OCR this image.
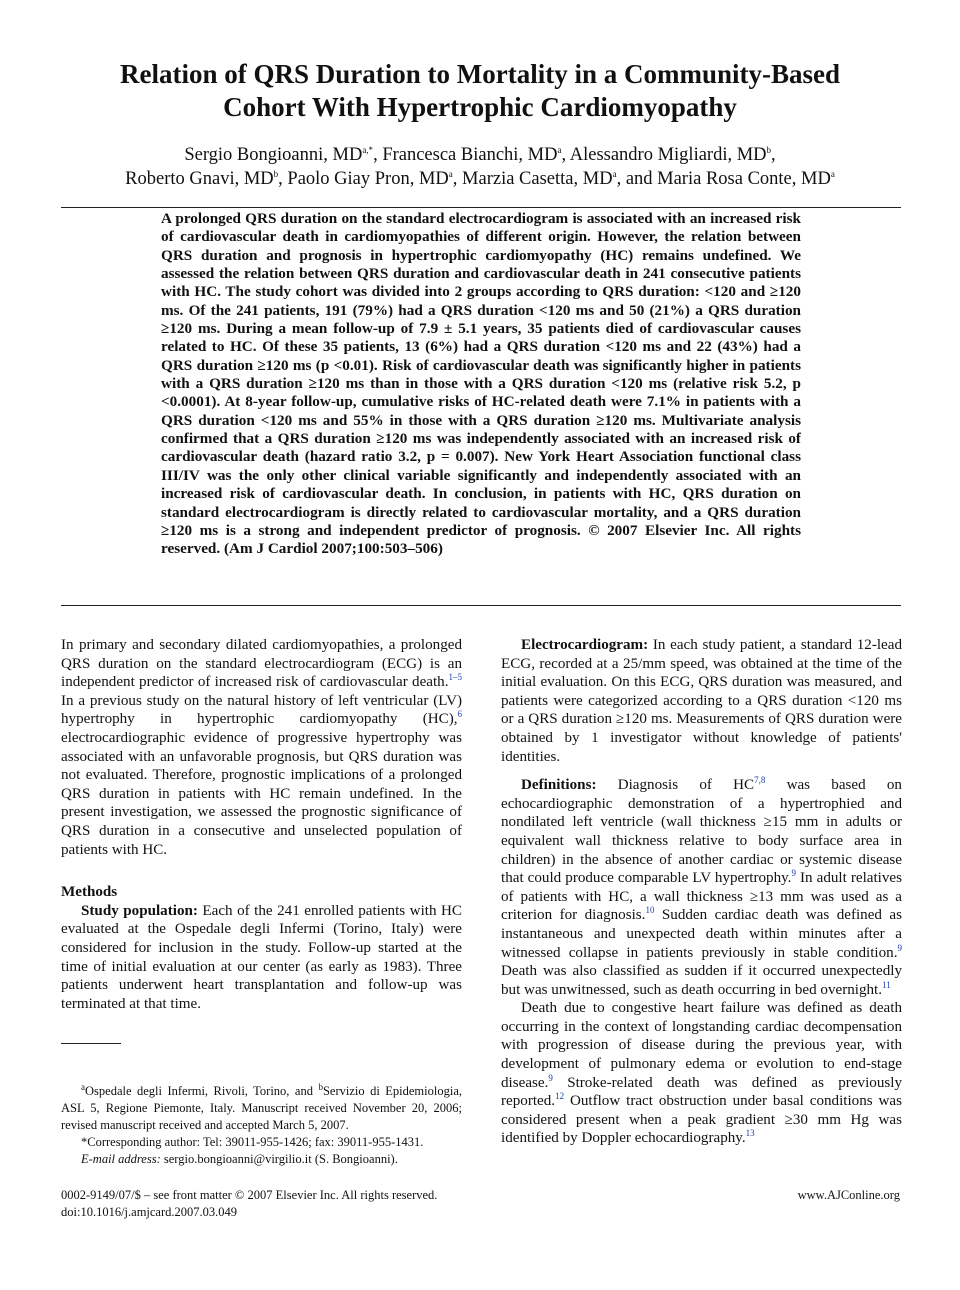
Relation of QRS Duration to Mortality in a Community-Based
Cohort With Hypertrophic Cardiomyopathy
Sergio Bongioanni, $MD^{a,*}$, Francesca Bianchi, $MD^a$, Alessandro Migliardi, $MD^b$,
Roberto Gnavi, $MD^b$, Paolo Giay Pron, $MD^a$, Marzia Casetta, $MD^a$, and Maria Rosa Conte, $MD^a$

A prolonged QRS duration on the standard electrocardiogram is associated with an increased risk of cardiovascular death in cardiomyopathies of different origin. However, the relation between QRS duration and prognosis in hypertrophic cardiomyopathy (HC) remains undefined. We assessed the relation between QRS duration and cardiovascular death in 241 consecutive patients with HC. The study cohort was divided into 2 groups according to QRS duration: <120 and ≥120 ms. Of the 241 patients, 191 (79%) had a QRS duration <120 ms and 50 (21%) a QRS duration ≥120 ms. During a mean follow-up of 7.9 ± 5.1 years, 35 patients died of cardiovascular causes related to HC. Of these 35 patients, 13 (6%) had a QRS duration <120 ms and 22 (43%) had a QRS duration ≥120 ms (p <0.01). Risk of cardiovascular death was significantly higher in patients with a QRS duration ≥120 ms than in those with a QRS duration <120 ms (relative risk 5.2, p <0.0001). At 8-year follow-up, cumulative risks of HC-related death were 7.1% in patients with a QRS duration <120 ms and 55% in those with a QRS duration ≥120 ms. Multivariate analysis confirmed that a QRS duration ≥120 ms was independently associated with an increased risk of cardiovascular death (hazard ratio 3.2, p = 0.007). New York Heart Association functional class III/IV was the only other clinical variable significantly and independently associated with an increased risk of cardiovascular death. In conclusion, in patients with HC, QRS duration on standard electrocardiogram is directly related to cardiovascular mortality, and a QRS duration ≥120 ms is a strong and independent predictor of prognosis. © 2007 Elsevier Inc. All rights reserved. (Am J Cardiol 2007;100:503–506)

In primary and secondary dilated cardiomyopathies, a prolonged QRS duration on the standard electrocardiogram (ECG) is an independent predictor of increased risk of cardiovascular death.$^{1-5}$ In a previous study on the natural history of left ventricular (LV) hypertrophy in hypertrophic cardiomyopathy (HC),$^6$ electrocardiographic evidence of progressive hypertrophy was associated with an unfavorable prognosis, but QRS duration was not evaluated. Therefore, prognostic implications of a prolonged QRS duration in patients with HC remain undefined. In the present investigation, we assessed the prognostic significance of QRS duration in a consecutive and unselected population of patients with HC.

Methods

Study population: Each of the 241 enrolled patients with HC evaluated at the Ospedale degli Infermi (Torino, Italy) were considered for inclusion in the study. Follow-up started at the time of initial evaluation at our center (as early as 1983). Three patients underwent heart transplantation and follow-up was terminated at that time.

Electrocardiogram: In each study patient, a standard 12-lead ECG, recorded at a 25/mm speed, was obtained at the time of the initial evaluation. On this ECG, QRS duration was measured, and patients were categorized according to a QRS duration <120 ms or a QRS duration ≥120 ms. Measurements of QRS duration were obtained by 1 investigator without knowledge of patients' identities.

Definitions: Diagnosis of HC$^{7,8}$ was based on echocardiographic demonstration of a hypertrophied and nondilated left ventricle (wall thickness ≥15 mm in adults or equivalent wall thickness relative to body surface area in children) in the absence of another cardiac or systemic disease that could produce comparable LV hypertrophy.$^9$ In adult relatives of patients with HC, a wall thickness ≥13 mm was used as a criterion for diagnosis.$^{10}$ Sudden cardiac death was defined as instantaneous and unexpected death within minutes after a witnessed collapse in patients previously in stable condition.$^9$ Death was also classified as sudden if it occurred unexpectedly but was unwitnessed, such as death occurring in bed overnight.$^{11}$

Death due to congestive heart failure was defined as death occurring in the context of longstanding cardiac decompensation with progression of disease during the previous year, with development of pulmonary edema or evolution to end-stage disease.$^9$ Stroke-related death was defined as previously reported.$^{12}$ Outflow tract obstruction under basal conditions was considered present when a peak gradient ≥30 mm Hg was identified by Doppler echocardiography.$^{13}$

$^a$Ospedale degli Infermi, Rivoli, Torino, and $^b$Servizio di Epidemiologia, ASL 5, Regione Piemonte, Italy. Manuscript received November 20, 2006; revised manuscript received and accepted March 5, 2007.

*Corresponding author: Tel: 39011-955-1426; fax: 39011-955-1431.

E-mail address: sergio.bongioanni@virgilio.it (S. Bongioanni).

0002-9149/07/$ – see front matter © 2007 Elsevier Inc. All rights reserved.
doi:10.1016/j.amjcard.2007.03.049
www.AJConline.org
